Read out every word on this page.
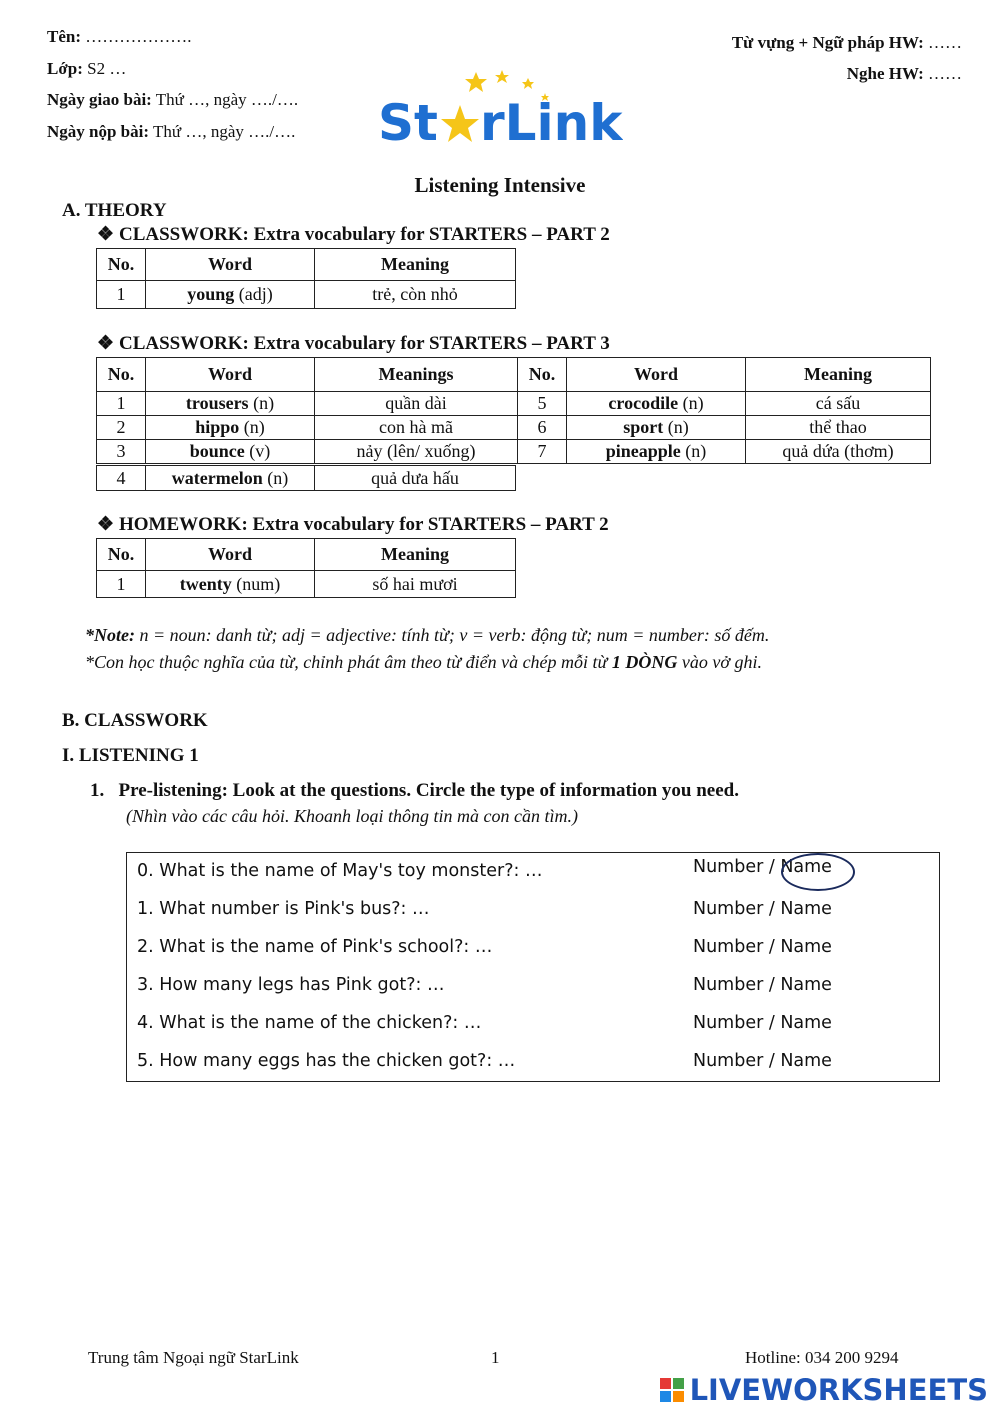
Tên: ……………….
Lớp: S2 …
Ngày giao bài: Thứ …, ngày …./….
Ngày nộp bài: Thứ …, ngày …./….
Từ vựng + Ngữ pháp HW: ……
Nghe HW: ……
St rLink
Listening Intensive
A. THEORY
❖ CLASSWORK: Extra vocabulary for STARTERS – PART 2
No.	Word	Meaning
1	young (adj)	trẻ, còn nhỏ
❖ CLASSWORK: Extra vocabulary for STARTERS – PART 3
No.	Word	Meanings	No.	Word	Meaning
1	trousers (n)	quần dài	5	crocodile (n)	cá sấu
2	hippo (n)	con hà mã	6	sport (n)	thể thao
3	bounce (v)	nảy (lên/ xuống)	7	pineapple (n)	quả dứa (thơm)
4	watermelon (n)	quả dưa hấu
❖ HOMEWORK: Extra vocabulary for STARTERS – PART 2
No.	Word	Meaning
1	twenty (num)	số hai mươi
*Note: n = noun: danh từ; adj = adjective: tính từ; v = verb: động từ; num = number: số đếm.
*Con học thuộc nghĩa của từ, chỉnh phát âm theo từ điển và chép mỗi từ 1 DÒNG vào vở ghi.
B. CLASSWORK
I. LISTENING 1
1. Pre-listening: Look at the questions. Circle the type of information you need.
(Nhìn vào các câu hỏi. Khoanh loại thông tin mà con cần tìm.)
0. What is the name of May's toy monster?: …	Number / Name
1. What number is Pink's bus?: …	Number / Name
2. What is the name of Pink's school?: …	Number / Name
3. How many legs has Pink got?: …	Number / Name
4. What is the name of the chicken?: …	Number / Name
5. How many eggs has the chicken got?: …	Number / Name
Trung tâm Ngoại ngữ StarLink	1	Hotline: 034 200 9294
LIVEWORKSHEETS
